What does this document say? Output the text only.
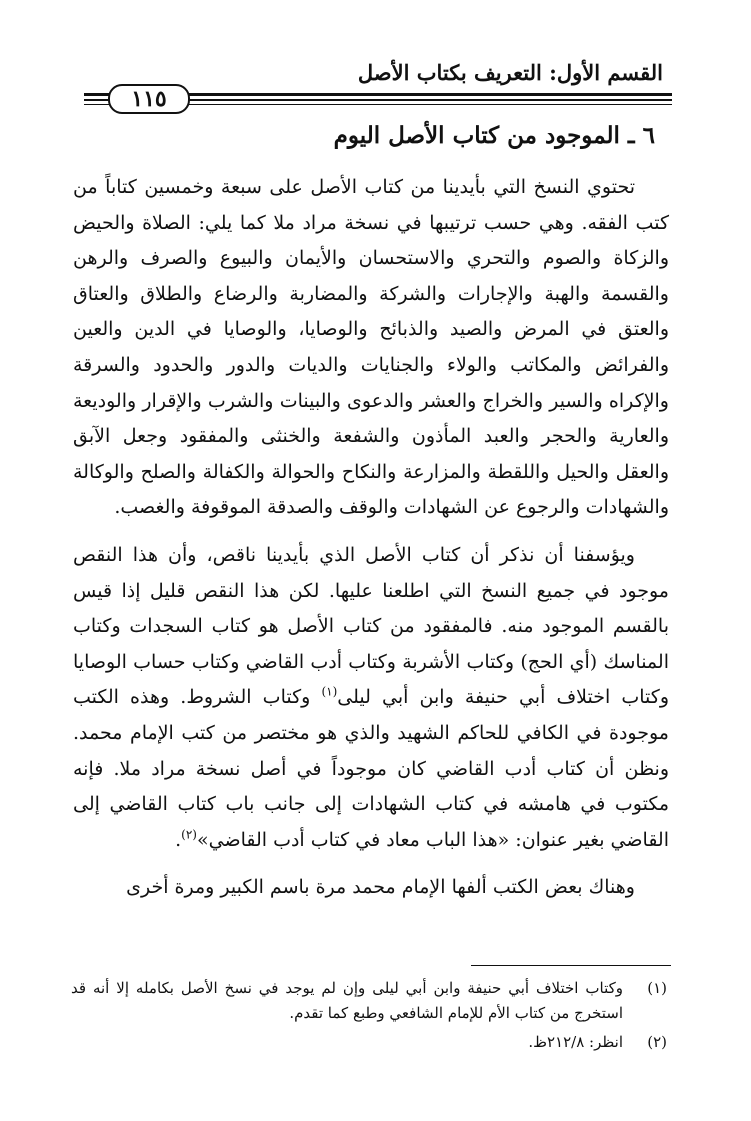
القسم الأول: التعريف بكتاب الأصل
١١٥
٦ ـ الموجود من كتاب الأصل اليوم

تحتوي النسخ التي بأيدينا من كتاب الأصل على سبعة وخمسين كتاباً من كتب الفقه. وهي حسب ترتيبها في نسخة مراد ملا كما يلي: الصلاة والحيض والزكاة والصوم والتحري والاستحسان والأيمان والبيوع والصرف والرهن والقسمة والهبة والإجارات والشركة والمضاربة والرضاع والطلاق والعتاق والعتق في المرض والصيد والذبائح والوصايا، والوصايا في الدين والعين والفرائض والمكاتب والولاء والجنايات والديات والدور والحدود والسرقة والإكراه والسير والخراج والعشر والدعوى والبينات والشرب والإقرار والوديعة والعارية والحجر والعبد المأذون والشفعة والخنثى والمفقود وجعل الآبق والعقل والحيل واللقطة والمزارعة والنكاح والحوالة والكفالة والصلح والوكالة والشهادات والرجوع عن الشهادات والوقف والصدقة الموقوفة والغصب.

ويؤسفنا أن نذكر أن كتاب الأصل الذي بأيدينا ناقص، وأن هذا النقص موجود في جميع النسخ التي اطلعنا عليها. لكن هذا النقص قليل إذا قيس بالقسم الموجود منه. فالمفقود من كتاب الأصل هو كتاب السجدات وكتاب المناسك (أي الحج) وكتاب الأشربة وكتاب أدب القاضي وكتاب حساب الوصايا وكتاب اختلاف أبي حنيفة وابن أبي ليلى$^{(١)}$ وكتاب الشروط. وهذه الكتب موجودة في الكافي للحاكم الشهيد والذي هو مختصر من كتب الإمام محمد. ونظن أن كتاب أدب القاضي كان موجوداً في أصل نسخة مراد ملا. فإنه مكتوب في هامشه في كتاب الشهادات إلى جانب باب كتاب القاضي إلى القاضي بغير عنوان: «هذا الباب معاد في كتاب أدب القاضي»$^{(٢)}$.

وهناك بعض الكتب ألفها الإمام محمد مرة باسم الكبير ومرة أخرى

(١)
وكتاب اختلاف أبي حنيفة وابن أبي ليلى وإن لم يوجد في نسخ الأصل بكامله إلا أنه قد استخرج من كتاب الأم للإمام الشافعي وطبع كما تقدم.
(٢)
انظر: ٢١٢/٨ظ.
